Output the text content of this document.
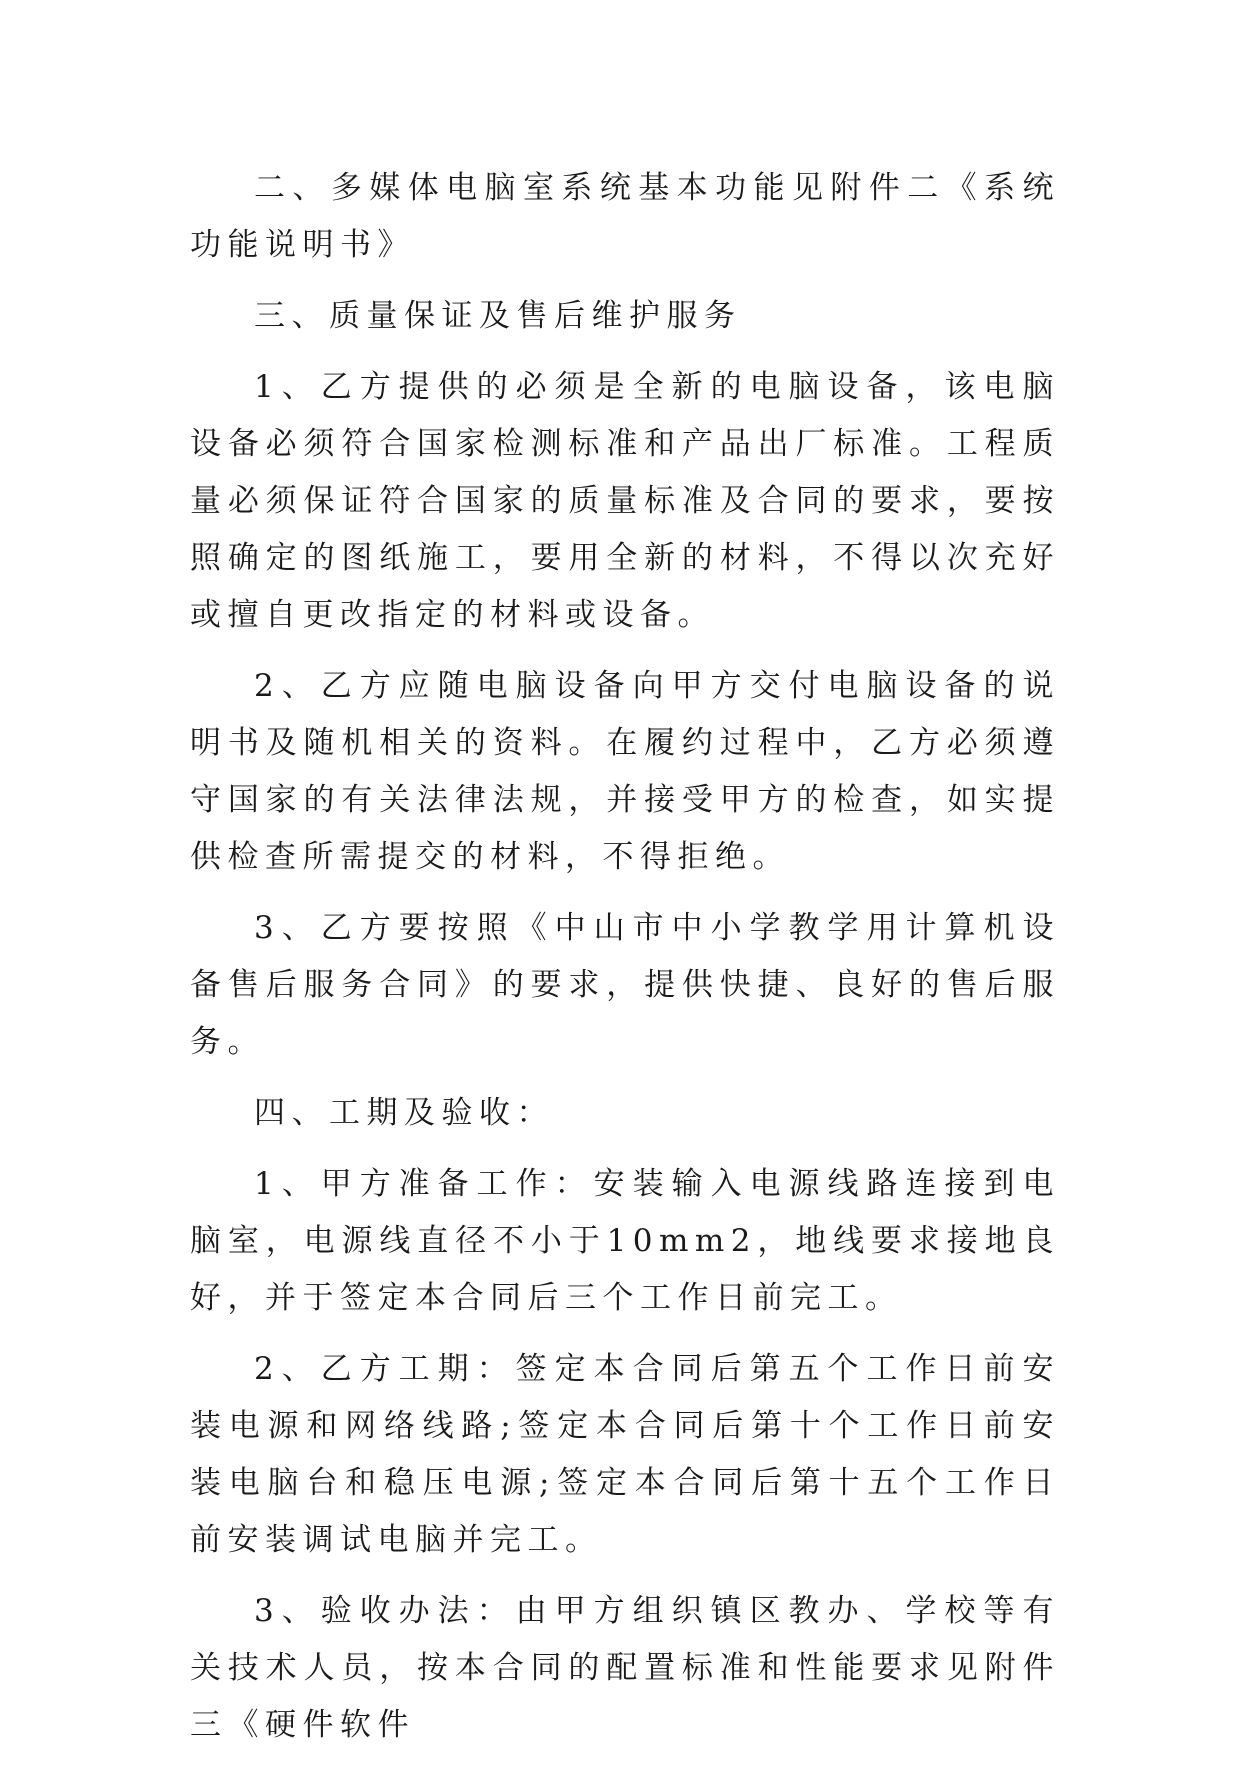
二、多媒体电脑室系统基本功能见附件二《系统功能说明书》

三、质量保证及售后维护服务

1、乙方提供的必须是全新的电脑设备，该电脑设备必须符合国家检测标准和产品出厂标准。工程质量必须保证符合国家的质量标准及合同的要求，要按照确定的图纸施工，要用全新的材料，不得以次充好或擅自更改指定的材料或设备。

2、乙方应随电脑设备向甲方交付电脑设备的说明书及随机相关的资料。在履约过程中，乙方必须遵守国家的有关法律法规，并接受甲方的检查，如实提供检查所需提交的材料，不得拒绝。

3、乙方要按照《中山市中小学教学用计算机设备售后服务合同》的要求，提供快捷、良好的售后服务。

四、工期及验收：

1、甲方准备工作：安装输入电源线路连接到电脑室，电源线直径不小于10mm2，地线要求接地良好，并于签定本合同后三个工作日前完工。

2、乙方工期：签定本合同后第五个工作日前安装电源和网络线路;签定本合同后第十个工作日前安装电脑台和稳压电源;签定本合同后第十五个工作日前安装调试电脑并完工。

3、验收办法：由甲方组织镇区教办、学校等有关技术人员，按本合同的配置标准和性能要求见附件三《硬件软件
